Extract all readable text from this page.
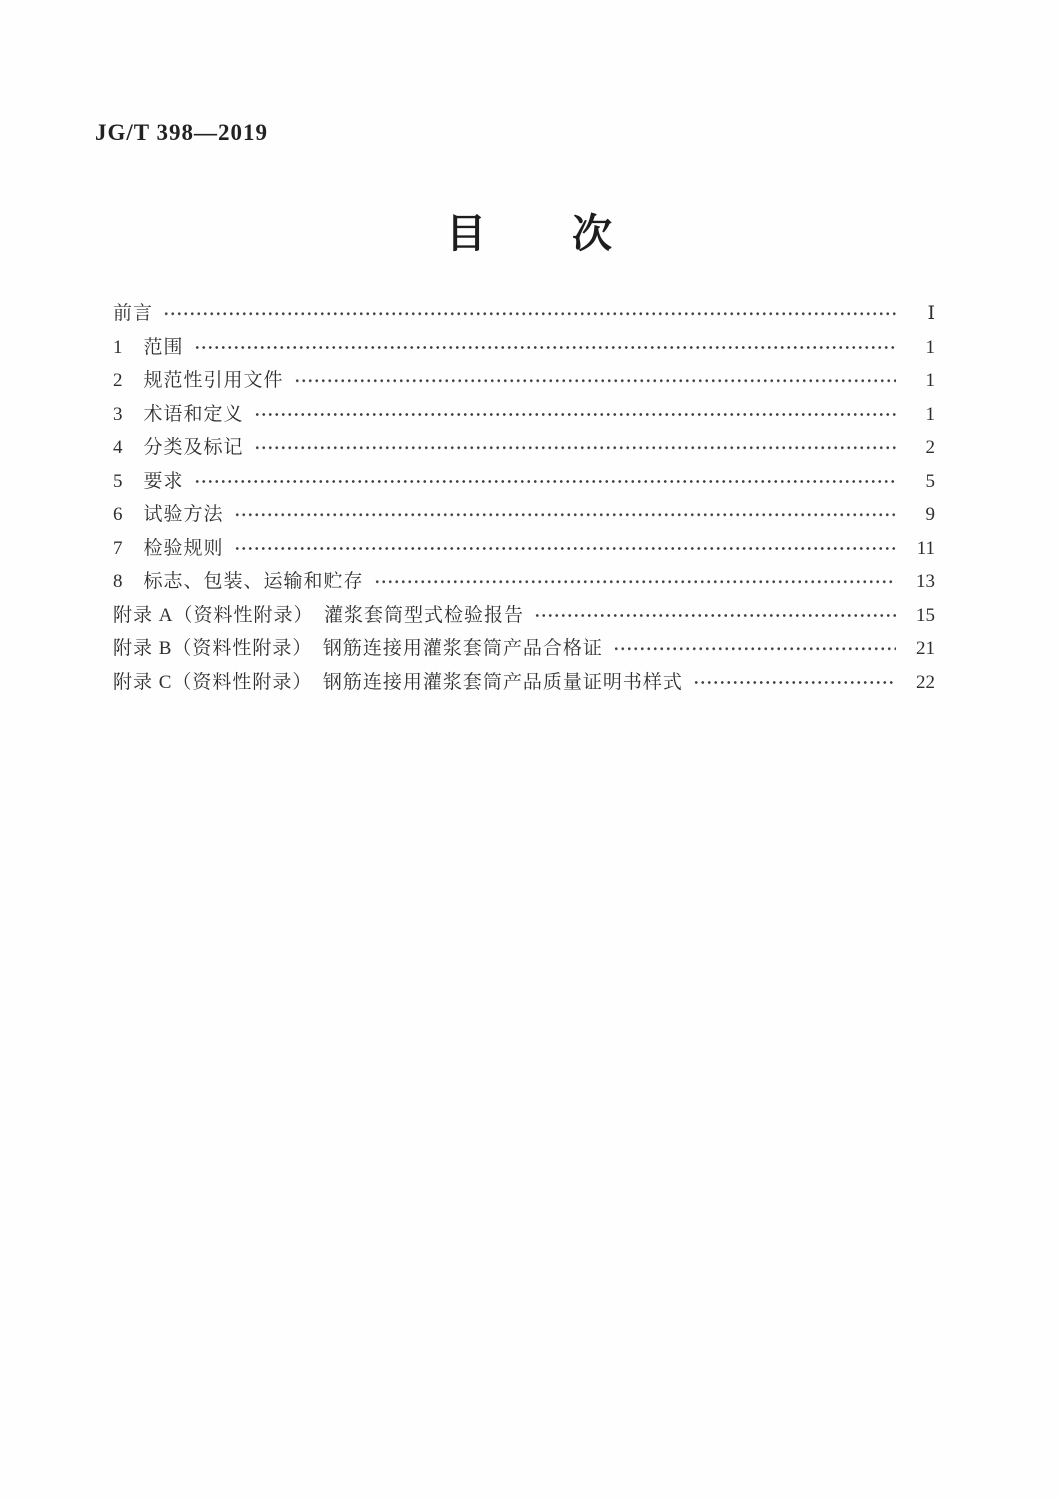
JG/T 398—2019
目　　次
前言	Ⅰ
1　范围	1
2　规范性引用文件	1
3　术语和定义	1
4　分类及标记	2
5　要求	5
6　试验方法	9
7　检验规则	11
8　标志、包装、运输和贮存	13
附录 A（资料性附录）　灌浆套筒型式检验报告	15
附录 B（资料性附录）　钢筋连接用灌浆套筒产品合格证	21
附录 C（资料性附录）　钢筋连接用灌浆套筒产品质量证明书样式	22
